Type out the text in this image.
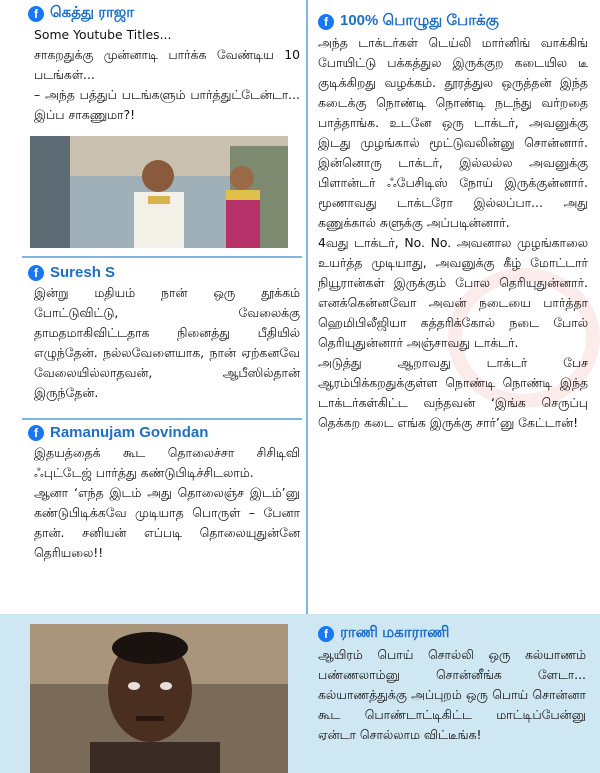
f கெத்து ராஜா
Some Youtube Titles...
சாகறதுக்கு முன்னாடி பார்க்க வேண்டிய 10 படங்கள்...
– அந்த பத்துப் படங்களும் பார்த்துட்டேன்டா... இப்ப சாகணுமா?!
f Suresh S
இன்று மதியம் நான் ஒரு தூக்கம் போட்டுவிட்டு, வேலைக்கு தாமதமாகிவிட்டதாக நினைத்து பீதியில் எழுந்தேன். நல்லவேளையாக, நான் ஏற்கனவே வேலையில்லாதவன், ஆபீஸில்தான் இருந்தேன்.
f Ramanujam Govindan
இதயத்தைக் கூட தொலைச்சா சிசிடிவி ஃபுட்டேஜ் பார்த்து கண்டுபிடிச்சிடலாம்.
ஆனா ‘எந்த இடம் அது தொலைஞ்ச இடம்’னு கண்டுபிடிக்கவே முடியாத பொருள் – பேனா தான். சனியன் எப்படி தொலையுதுன்னே தெரியலை!!
f 100% பொழுது போக்கு
அந்த டாக்டர்கள் டெய்லி மார்னிங் வாக்கிங் போயிட்டு பக்கத்துல இருக்குற கடையில டீ குடிக்கிறது வழக்கம். தூரத்துல ஒருத்தன் இந்த கடைக்கு நொண்டி நொண்டி நடந்து வர்றதை பாத்தாங்க. உடனே ஒரு டாக்டர், அவனுக்கு இடது முழங்கால் மூட்டுவலின்னு சொன்னார். இன்னொரு டாக்டர், இல்லல்ல அவனுக்கு பிளான்டர் ஃபேசிடிஸ் நோய் இருக்குன்னார். மூணாவது டாக்டரோ இல்லப்பா... அது கணுக்கால் சுளுக்கு அப்படின்னார்.
4வது டாக்டர், No. No. அவனால முழங்காலை உயர்த்த முடியாது, அவனுக்கு கீழ் மோட்டார் நியூரான்கள் இருக்கும் போல தெரியுதுன்னார். எனக்கென்னவோ அவன் நடையை பார்த்தா ஹெமிபிலீஜியா கத்தரிக்கோல் நடை போல் தெரியுதுன்னார் அஞ்சாவது டாக்டர்.
அடுத்து ஆறாவது டாக்டர் பேச ஆரம்பிக்கறதுக்குள்ள நொண்டி நொண்டி இந்த டாக்டர்கள்கிட்ட வந்தவன் ‘இங்க செருப்பு தெக்கற கடை எங்க இருக்கு சார்’னு கேட்டான்!
f ராணி மகாராணி
ஆயிரம் பொய் சொல்லி ஒரு கல்யாணம் பண்ணலாம்னு சொன்னீங்க ளேடா... கல்யாணத்துக்கு அப்புறம் ஒரு பொய் சொன்னா கூட பொண்டாட்டிகிட்ட மாட்டிப்பேன்னு ஏன்டா சொல்லாம விட்டீங்க!
